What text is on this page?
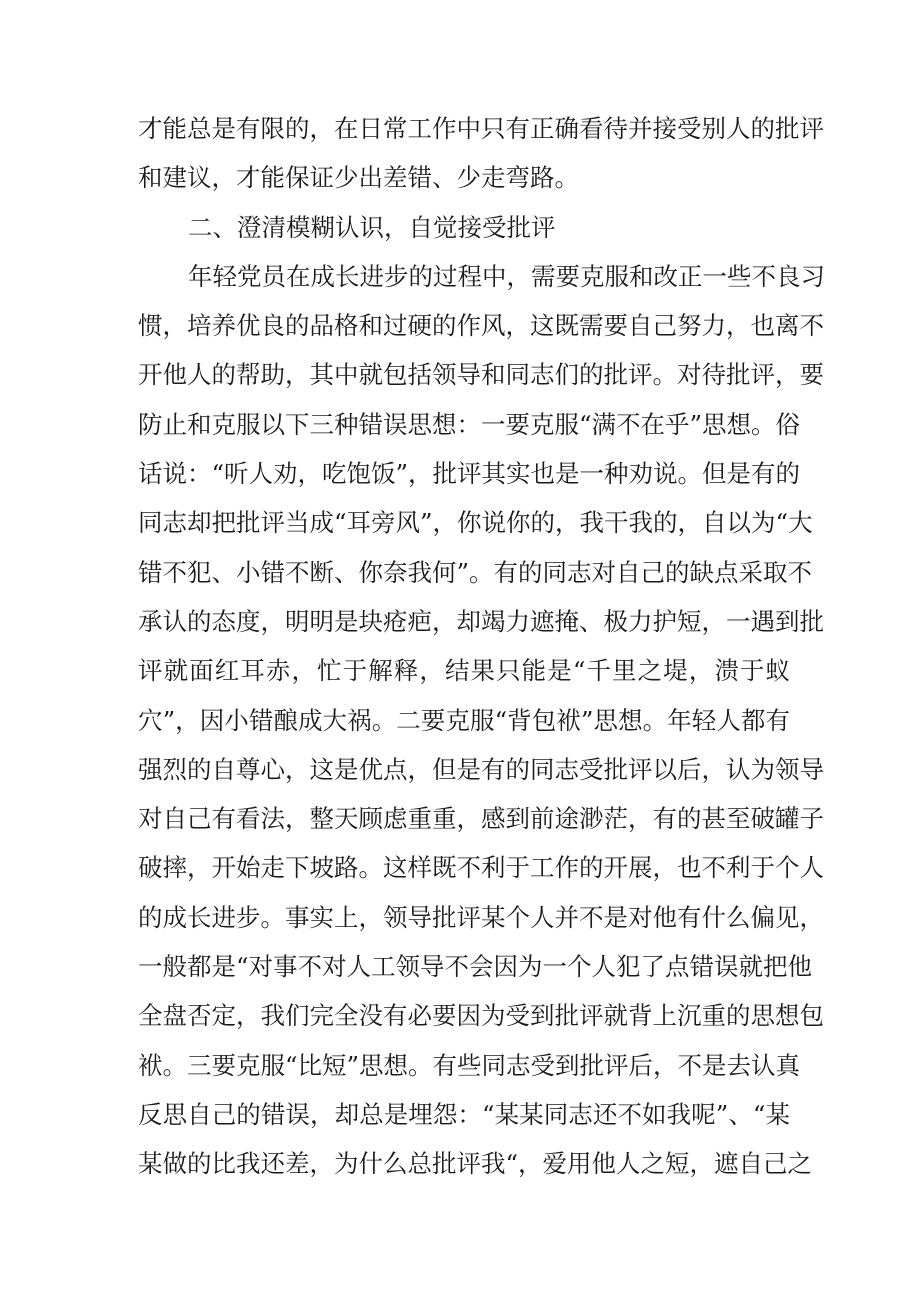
才能总是有限的，在日常工作中只有正确看待并接受别人的批评
和建议，才能保证少出差错、少走弯路。
二、澄清模糊认识，自觉接受批评
年轻党员在成长进步的过程中，需要克服和改正一些不良习
惯，培养优良的品格和过硬的作风，这既需要自己努力，也离不
开他人的帮助，其中就包括领导和同志们的批评。对待批评，要
防止和克服以下三种错误思想：一要克服“满不在乎”思想。俗
话说：“听人劝，吃饱饭”，批评其实也是一种劝说。但是有的
同志却把批评当成“耳旁风”，你说你的，我干我的，自以为“大
错不犯、小错不断、你奈我何”。有的同志对自己的缺点采取不
承认的态度，明明是块疮疤，却竭力遮掩、极力护短，一遇到批
评就面红耳赤，忙于解释，结果只能是“千里之堤，溃于蚁
穴”，因小错酿成大祸。二要克服“背包袱”思想。年轻人都有
强烈的自尊心，这是优点，但是有的同志受批评以后，认为领导
对自己有看法，整天顾虑重重，感到前途渺茫，有的甚至破罐子
破摔，开始走下坡路。这样既不利于工作的开展，也不利于个人
的成长进步。事实上，领导批评某个人并不是对他有什么偏见，
一般都是“对事不对人工领导不会因为一个人犯了点错误就把他
全盘否定，我们完全没有必要因为受到批评就背上沉重的思想包
袱。三要克服“比短”思想。有些同志受到批评后，不是去认真
反思自己的错误，却总是埋怨：“某某同志还不如我呢”、“某
某做的比我还差，为什么总批评我“，爱用他人之短，遮自己之
